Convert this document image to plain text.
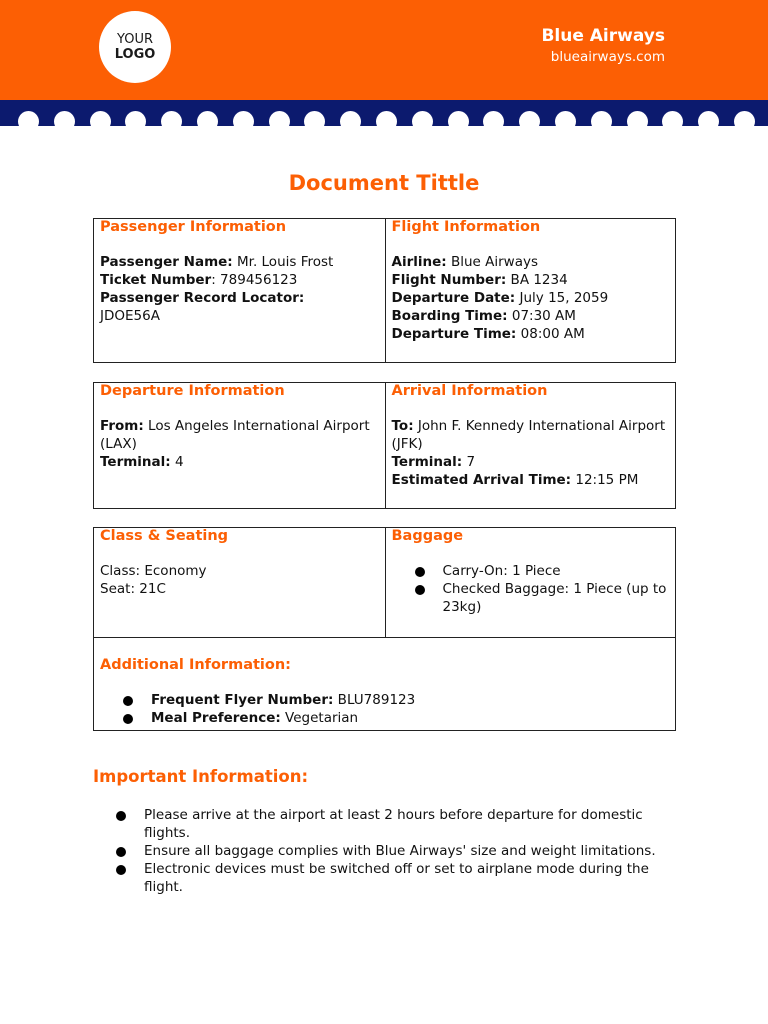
YOUR
LOGO
Blue Airways
blueairways.com
Document Tittle
Passenger Information
Passenger Name: Mr. Louis Frost
Ticket Number: 789456123
Passenger Record Locator:
JDOE56A
Flight Information
Airline: Blue Airways
Flight Number: BA 1234
Departure Date: July 15, 2059
Boarding Time: 07:30 AM
Departure Time: 08:00 AM
Departure Information
From: Los Angeles International Airport (LAX)
Terminal: 4
Arrival Information
To: John F. Kennedy International Airport (JFK)
Terminal: 7
Estimated Arrival Time: 12:15 PM
Class & Seating
Class: Economy
Seat: 21C
Baggage
Carry-On: 1 Piece
Checked Baggage: 1 Piece (up to 23kg)
Additional Information:
Frequent Flyer Number: BLU789123
Meal Preference: Vegetarian
Important Information:
Please arrive at the airport at least 2 hours before departure for domestic flights.
Ensure all baggage complies with Blue Airways' size and weight limitations.
Electronic devices must be switched off or set to airplane mode during the flight.
